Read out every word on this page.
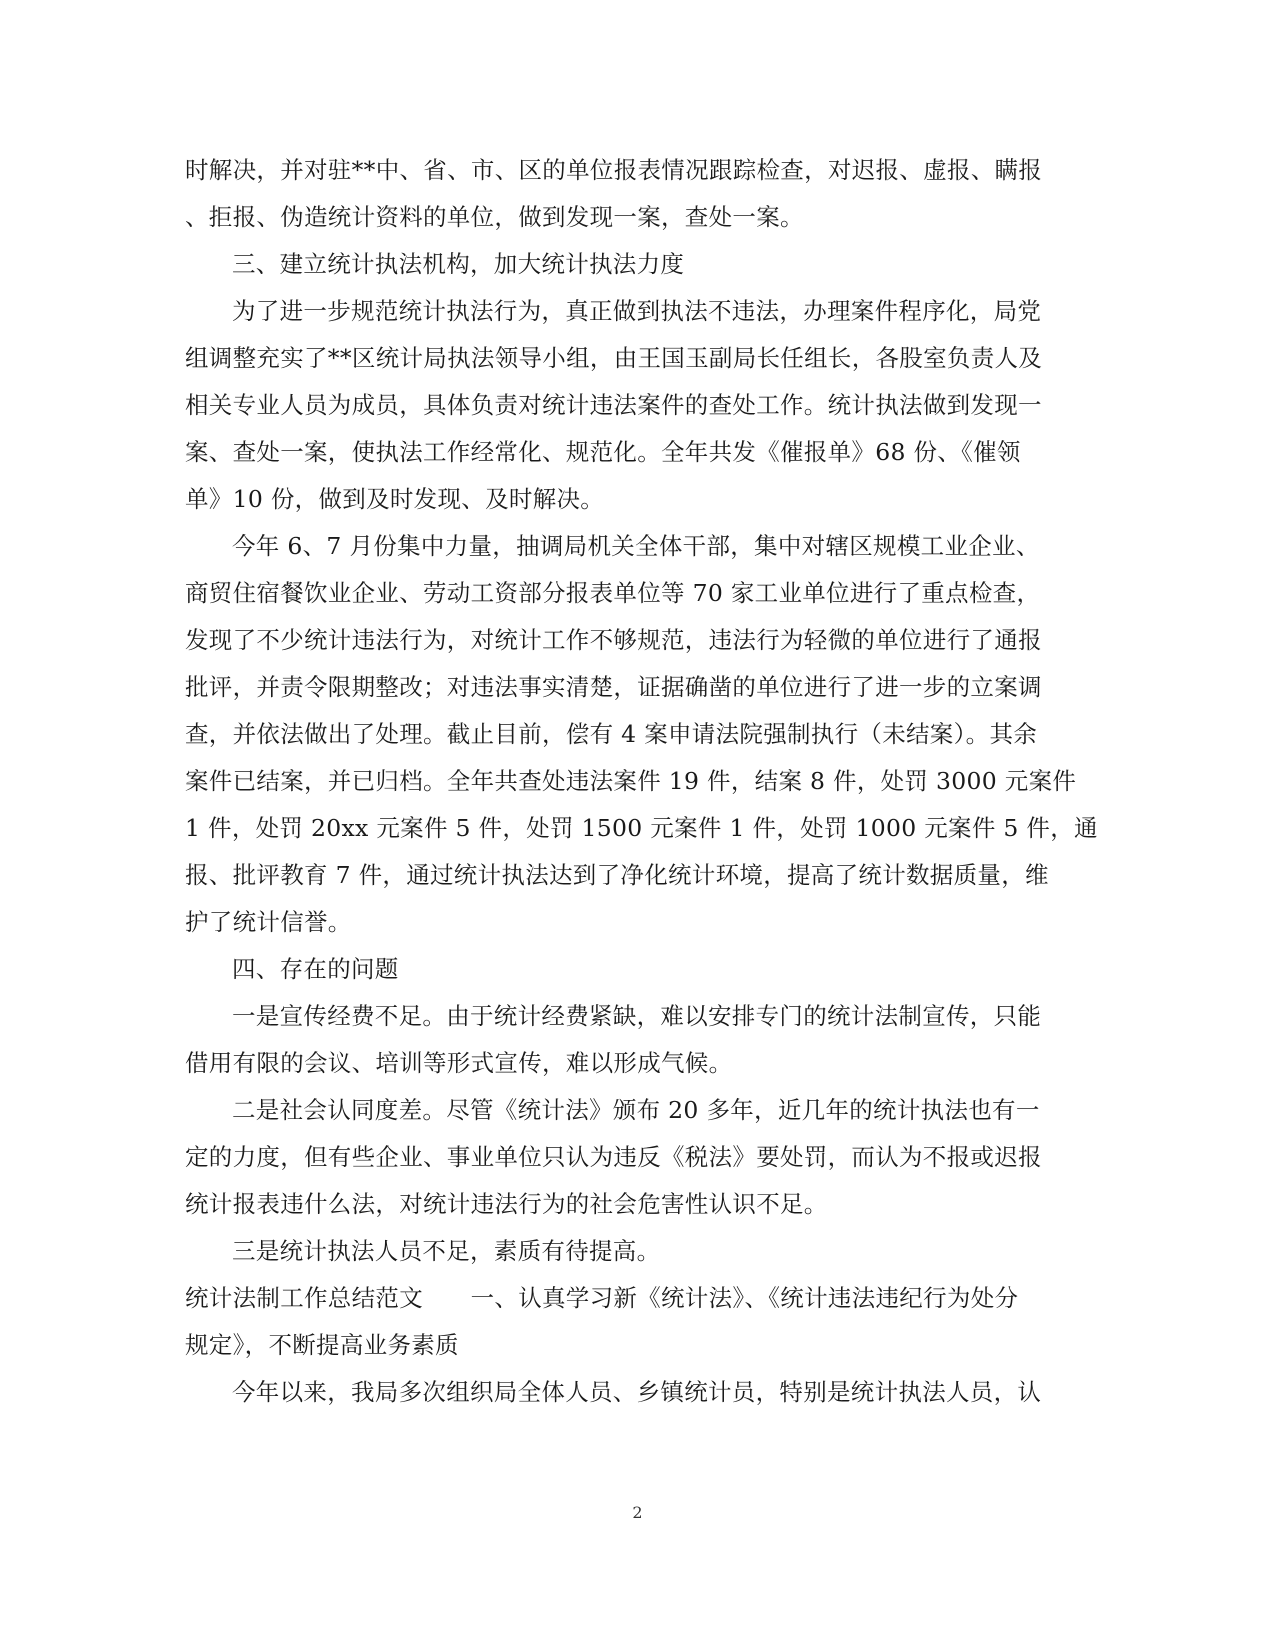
时解决，并对驻**中、省、市、区的单位报表情况跟踪检查，对迟报、虚报、瞒报
、拒报、伪造统计资料的单位，做到发现一案，查处一案。
三、建立统计执法机构，加大统计执法力度
为了进一步规范统计执法行为，真正做到执法不违法，办理案件程序化，局党
组调整充实了**区统计局执法领导小组，由王国玉副局长任组长，各股室负责人及
相关专业人员为成员，具体负责对统计违法案件的查处工作。统计执法做到发现一
案、查处一案，使执法工作经常化、规范化。全年共发《催报单》68 份、《催领
单》10 份，做到及时发现、及时解决。
今年 6、7 月份集中力量，抽调局机关全体干部，集中对辖区规模工业企业、
商贸住宿餐饮业企业、劳动工资部分报表单位等 70 家工业单位进行了重点检查，
发现了不少统计违法行为，对统计工作不够规范，违法行为轻微的单位进行了通报
批评，并责令限期整改；对违法事实清楚，证据确凿的单位进行了进一步的立案调
查，并依法做出了处理。截止目前，偿有 4 案申请法院强制执行（未结案）。其余
案件已结案，并已归档。全年共查处违法案件 19 件，结案 8 件，处罚 3000 元案件
1 件，处罚 20xx 元案件 5 件，处罚 1500 元案件 1 件，处罚 1000 元案件 5 件，通
报、批评教育 7 件，通过统计执法达到了净化统计环境，提高了统计数据质量，维
护了统计信誉。
四、存在的问题
一是宣传经费不足。由于统计经费紧缺，难以安排专门的统计法制宣传，只能
借用有限的会议、培训等形式宣传，难以形成气候。
二是社会认同度差。尽管《统计法》颁布 20 多年，近几年的统计执法也有一
定的力度，但有些企业、事业单位只认为违反《税法》要处罚，而认为不报或迟报
统计报表违什么法，对统计违法行为的社会危害性认识不足。
三是统计执法人员不足，素质有待提高。
统计法制工作总结范文　　一、认真学习新《统计法》、《统计违法违纪行为处分
规定》，不断提高业务素质
今年以来，我局多次组织局全体人员、乡镇统计员，特别是统计执法人员，认
2
